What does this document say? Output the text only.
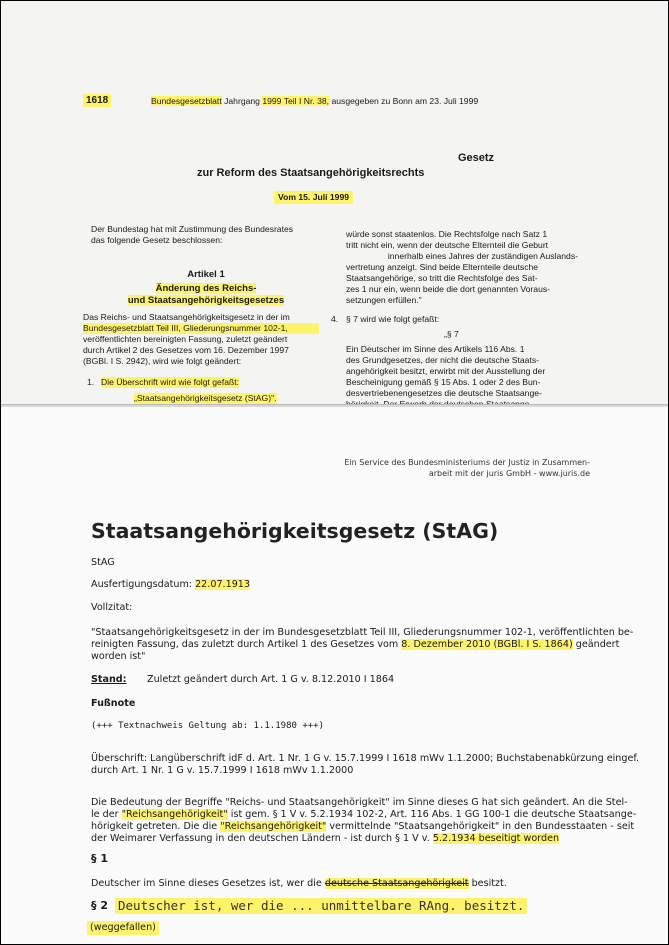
1618	Bundesgesetzblatt Jahrgang 1999 Teil I Nr. 38, ausgegeben zu Bonn am 23. Juli 1999
Gesetz
zur Reform des Staatsangehörigkeitsrechts
Vom 15. Juli 1999
Der Bundestag hat mit Zustimmung des Bundesrates
das folgende Gesetz beschlossen:
Artikel 1
Änderung des Reichs-
und Staatsangehörigkeitsgesetzes
Das Reichs- und Staatsangehörigkeitsgesetz in der im
Bundesgesetzblatt Teil III, Gliederungsnummer 102-1,
veröffentlichten bereinigten Fassung, zuletzt geändert
durch Artikel 2 des Gesetzes vom 16. Dezember 1997
(BGBl. I S. 2942), wird wie folgt geändert:
1. Die Überschrift wird wie folgt gefaßt:
„Staatsangehörigkeitsgesetz (StAG)".
würde sonst staatenlos. Die Rechtsfolge nach Satz 1
tritt nicht ein, wenn der deutsche Elternteil die Geburt
innerhalb eines Jahres der zuständigen Auslands-
vertretung anzeigt. Sind beide Elternteile deutsche
Staatsangehörige, so tritt die Rechtsfolge des Sat-
zes 1 nur ein, wenn beide die dort genannten Voraus-
setzungen erfüllen."
4. § 7 wird wie folgt gefaßt:
„§ 7
Ein Deutscher im Sinne des Artikels 116 Abs. 1
des Grundgesetzes, der nicht die deutsche Staats-
angehörigkeit besitzt, erwirbt mit der Ausstellung der
Bescheinigung gemäß § 15 Abs. 1 oder 2 des Bun-
desvertriebenengesetzes die deutsche Staatsange-
Ein Service des Bundesministeriums der Justiz in Zusammen-
arbeit mit der juris GmbH - www.juris.de
Staatsangehörigkeitsgesetz (StAG)
StAG
Ausfertigungsdatum: 22.07.1913
Vollzitat:
"Staatsangehörigkeitsgesetz in der im Bundesgesetzblatt Teil III, Gliederungsnummer 102-1, veröffentlichten be-
reinigten Fassung, das zuletzt durch Artikel 1 des Gesetzes vom 8. Dezember 2010 (BGBl. I S. 1864) geändert
worden ist"
Stand: Zuletzt geändert durch Art. 1 G v. 8.12.2010 I 1864
Fußnote
(+++ Textnachweis Geltung ab: 1.1.1980 +++)
Überschrift: Langüberschrift idF d. Art. 1 Nr. 1 G v. 15.7.1999 I 1618 mWv 1.1.2000; Buchstabenabkürzung eingef.
durch Art. 1 Nr. 1 G v. 15.7.1999 I 1618 mWv 1.1.2000
Die Bedeutung der Begriffe "Reichs- und Staatsangehörigkeit" im Sinne dieses G hat sich geändert. An die Stel-
le der "Reichsangehörigkeit" ist gem. § 1 V v. 5.2.1934 102-2, Art. 116 Abs. 1 GG 100-1 die deutsche Staatsange-
hörigkeit getreten. Die die "Reichsangehörigkeit" vermittelnde "Staatsangehörigkeit" in den Bundesstaaten - seit
der Weimarer Verfassung in den deutschen Ländern - ist durch § 1 V v. 5.2.1934 beseitigt worden
§ 1
Deutscher im Sinne dieses Gesetzes ist, wer die deutsche Staatsangehörigkeit besitzt.
§ 2 Deutscher ist, wer die ... unmittelbare RAng. besitzt.
(weggefallen)
